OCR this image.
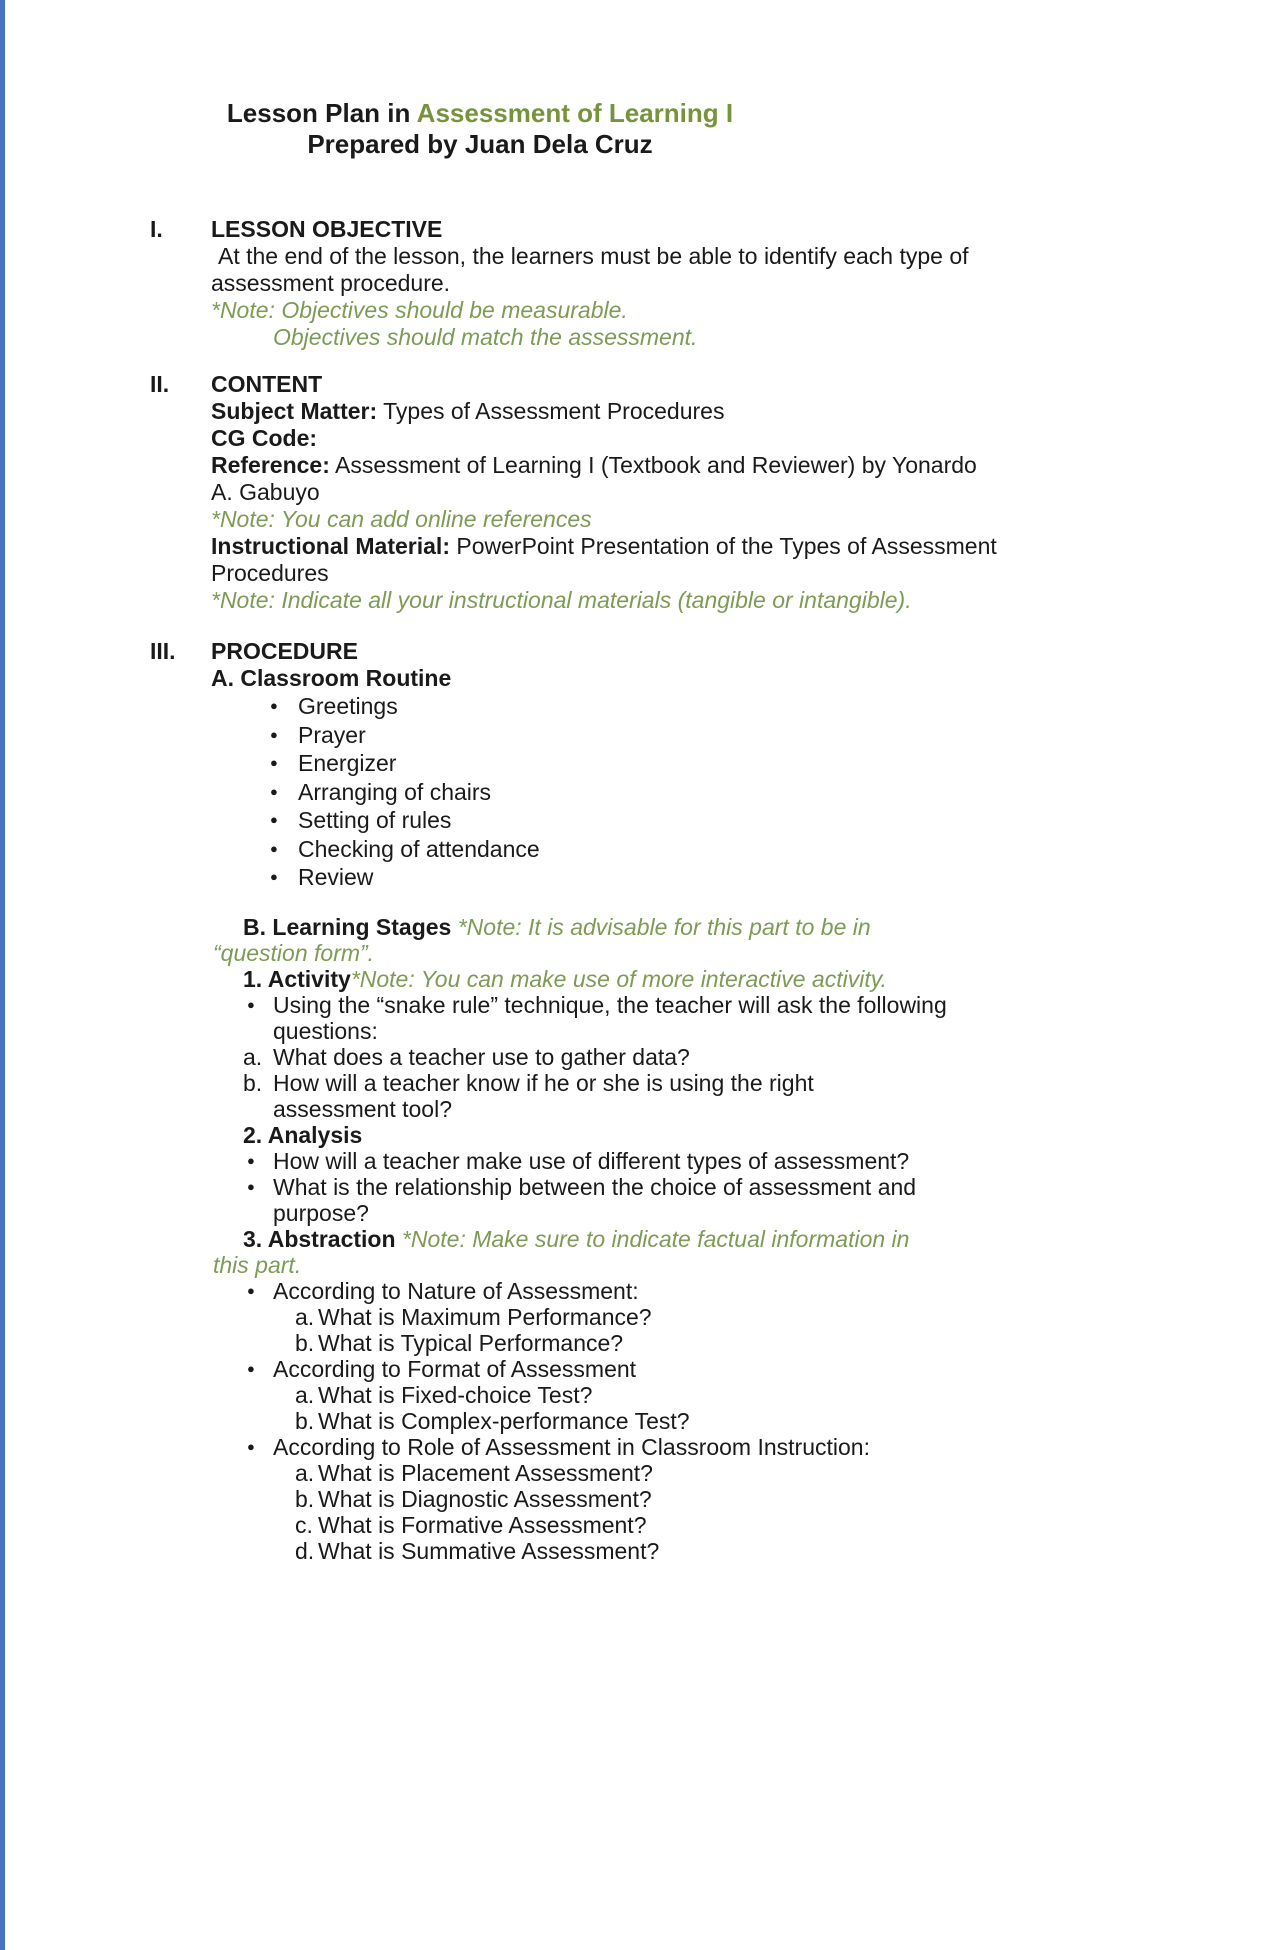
Lesson Plan in Assessment of Learning I
Prepared by Juan Dela Cruz
I.	LESSON OBJECTIVE
At the end of the lesson, the learners must be able to identify each type of
assessment procedure.
*Note: Objectives should be measurable.
Objectives should match the assessment.
II.	CONTENT
Subject Matter: Types of Assessment Procedures
CG Code:
Reference: Assessment of Learning I (Textbook and Reviewer) by Yonardo
A. Gabuyo
*Note: You can add online references
Instructional Material: PowerPoint Presentation of the Types of Assessment
Procedures
*Note: Indicate all your instructional materials (tangible or intangible).
III.	PROCEDURE
A. Classroom Routine
● Greetings
● Prayer
● Energizer
● Arranging of chairs
● Setting of rules
● Checking of attendance
● Review
B. Learning Stages *Note: It is advisable for this part to be in
“question form”.
1. Activity*Note: You can make use of more interactive activity.
● Using the “snake rule” technique, the teacher will ask the following
questions:
a. What does a teacher use to gather data?
b. How will a teacher know if he or she is using the right
assessment tool?
2. Analysis
● How will a teacher make use of different types of assessment?
● What is the relationship between the choice of assessment and
purpose?
3. Abstraction *Note: Make sure to indicate factual information in
this part.
● According to Nature of Assessment:
a. What is Maximum Performance?
b. What is Typical Performance?
● According to Format of Assessment
a. What is Fixed-choice Test?
b. What is Complex-performance Test?
● According to Role of Assessment in Classroom Instruction:
a. What is Placement Assessment?
b. What is Diagnostic Assessment?
c. What is Formative Assessment?
d. What is Summative Assessment?
